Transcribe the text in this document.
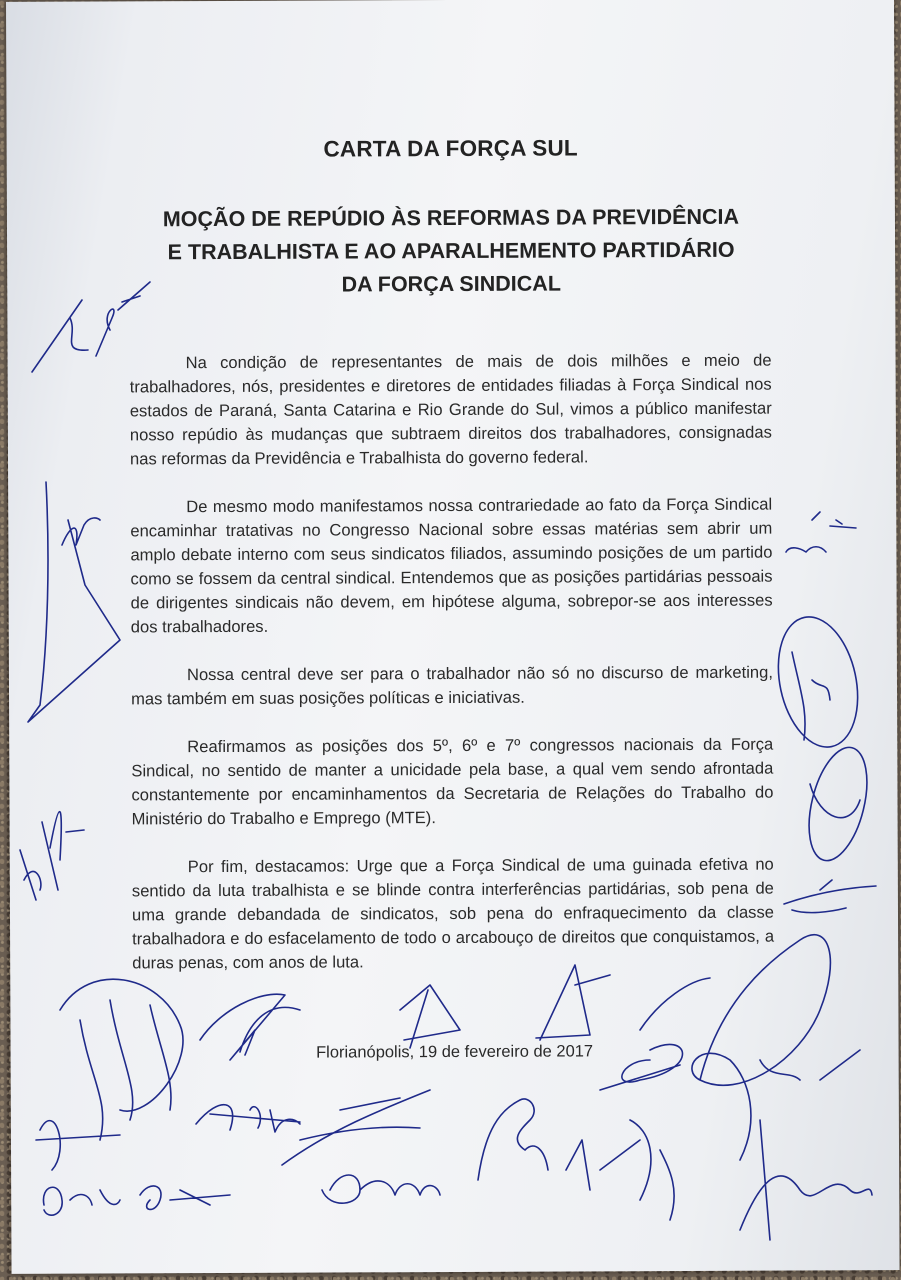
CARTA DA FORÇA SUL
MOÇÃO DE REPÚDIO ÀS REFORMAS DA PREVIDÊNCIA
E TRABALHISTA E AO APARALHEMENTO PARTIDÁRIO
DA FORÇA SINDICAL

Na condição de representantes de mais de dois milhões e meio de trabalhadores, nós, presidentes e diretores de entidades filiadas à Força Sindical nos estados de Paraná, Santa Catarina e Rio Grande do Sul, vimos a público manifestar nosso repúdio às mudanças que subtraem direitos dos trabalhadores, consignadas nas reformas da Previdência e Trabalhista do governo federal.

De mesmo modo manifestamos nossa contrariedade ao fato da Força Sindical encaminhar tratativas no Congresso Nacional sobre essas matérias sem abrir um amplo debate interno com seus sindicatos filiados, assumindo posições de um partido como se fossem da central sindical. Entendemos que as posições partidárias pessoais de dirigentes sindicais não devem, em hipótese alguma, sobrepor-se aos interesses dos trabalhadores.

Nossa central deve ser para o trabalhador não só no discurso de marketing, mas também em suas posições políticas e iniciativas.

Reafirmamos as posições dos 5º, 6º e 7º congressos nacionais da Força Sindical, no sentido de manter a unicidade pela base, a qual vem sendo afrontada constantemente por encaminhamentos da Secretaria de Relações do Trabalho do Ministério do Trabalho e Emprego (MTE).

Por fim, destacamos: Urge que a Força Sindical de uma guinada efetiva no sentido da luta trabalhista e se blinde contra interferências partidárias, sob pena de uma grande debandada de sindicatos, sob pena do enfraquecimento da classe trabalhadora e do esfacelamento de todo o arcabouço de direitos que conquistamos, a duras penas, com anos de luta.

Florianópolis, 19 de fevereiro de 2017
